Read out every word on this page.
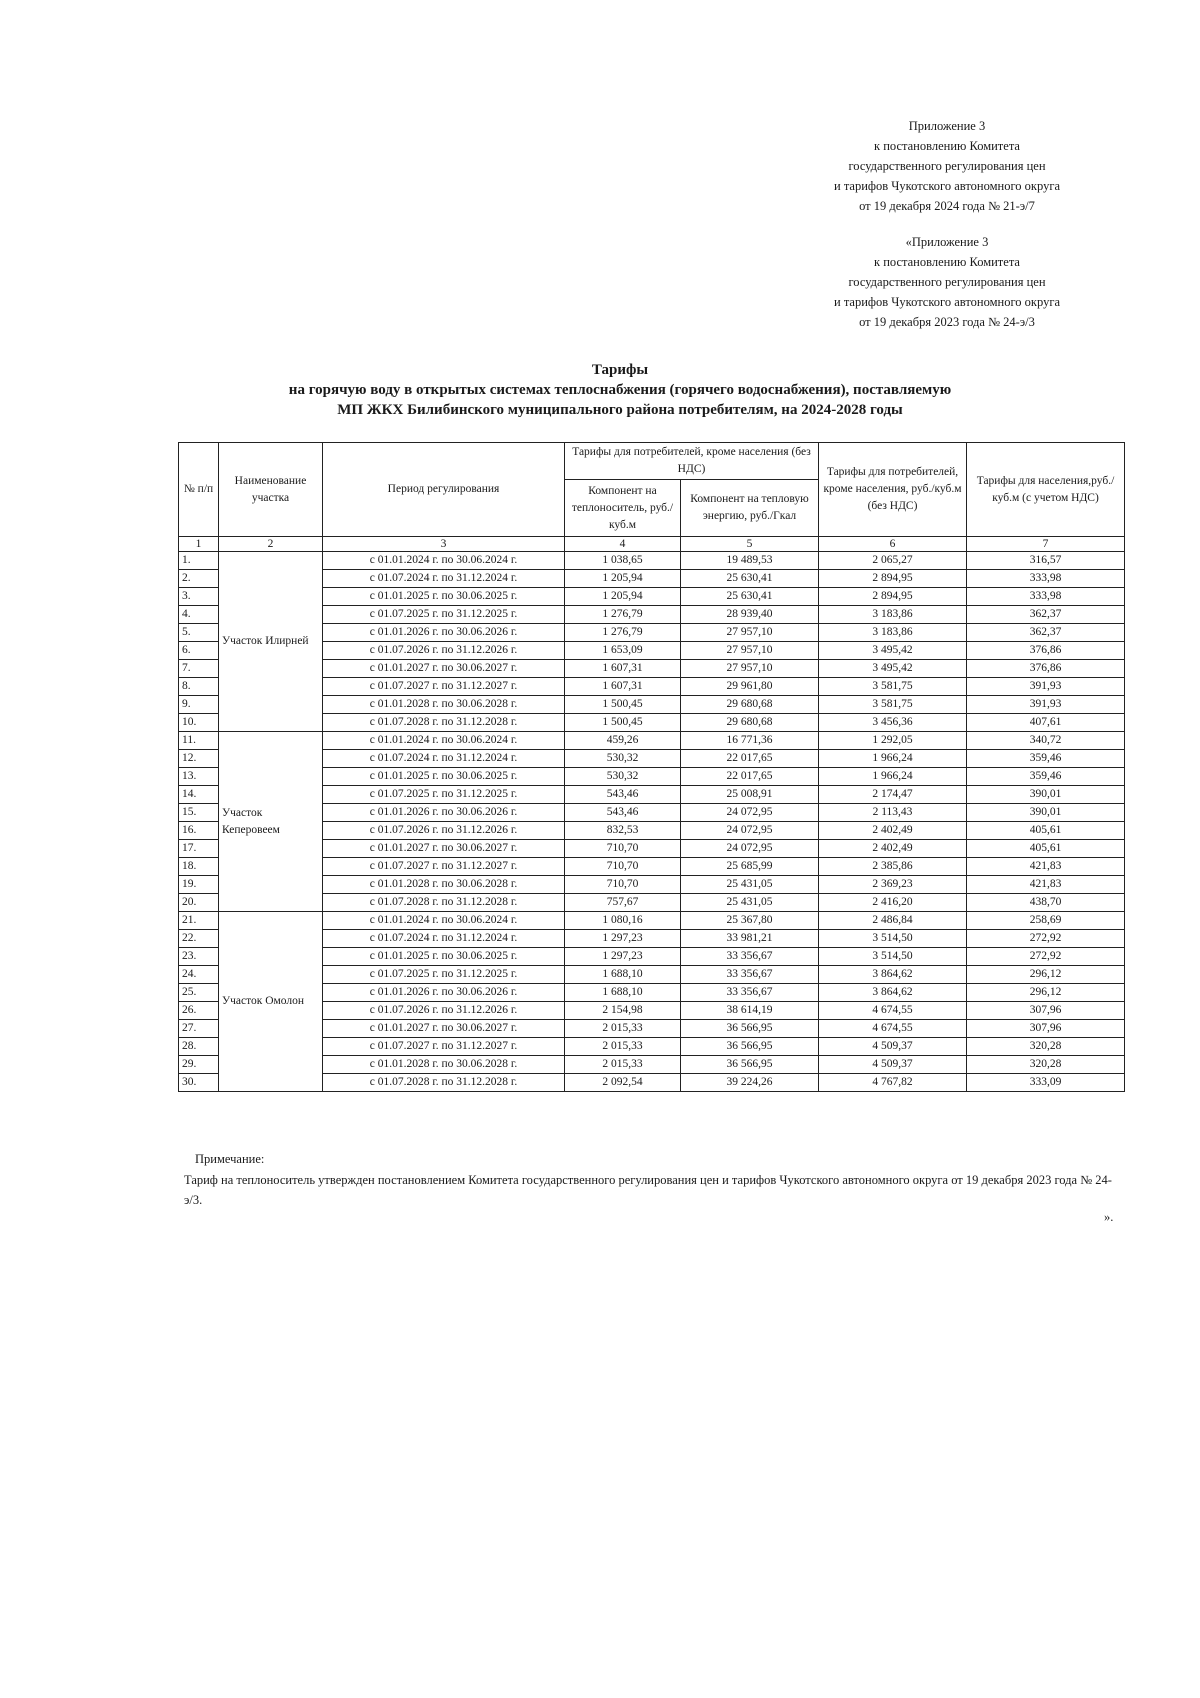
Приложение 3
к постановлению Комитета
государственного регулирования цен
и тарифов Чукотского автономного округа
от 19 декабря 2024 года № 21-э/7
«Приложение 3
к постановлению Комитета
государственного регулирования цен
и тарифов Чукотского автономного округа
от 19 декабря 2023 года № 24-э/3
Тарифы
на горячую воду в открытых системах теплоснабжения (горячего водоснабжения), поставляемую
МП ЖКХ Билибинского муниципального района потребителям, на 2024-2028 годы
№ п/п	Наименование участка	Период регулирования	Тарифы для потребителей, кроме населения (без НДС)		Тарифы для потребителей, кроме населения, руб./куб.м (без НДС)	Тарифы для населения,руб./куб.м (с учетом НДС)
			Компонент на теплоноситель, руб./куб.м	Компонент на тепловую энергию, руб./Гкал		
1	2	3	4	5	6	7
1.	Участок Илирней	с 01.01.2024 г. по 30.06.2024 г.	1 038,65	19 489,53	2 065,27	316,57
2.		с 01.07.2024 г. по 31.12.2024 г.	1 205,94	25 630,41	2 894,95	333,98
3.		с 01.01.2025 г. по 30.06.2025 г.	1 205,94	25 630,41	2 894,95	333,98
4.		с 01.07.2025 г. по 31.12.2025 г.	1 276,79	28 939,40	3 183,86	362,37
5.		с 01.01.2026 г. по 30.06.2026 г.	1 276,79	27 957,10	3 183,86	362,37
6.		с 01.07.2026 г. по 31.12.2026 г.	1 653,09	27 957,10	3 495,42	376,86
7.		с 01.01.2027 г. по 30.06.2027 г.	1 607,31	27 957,10	3 495,42	376,86
8.		с 01.07.2027 г. по 31.12.2027 г.	1 607,31	29 961,80	3 581,75	391,93
9.		с 01.01.2028 г. по 30.06.2028 г.	1 500,45	29 680,68	3 581,75	391,93
10.		с 01.07.2028 г. по 31.12.2028 г.	1 500,45	29 680,68	3 456,36	407,61
11.	Участок Кеперовеем	с 01.01.2024 г. по 30.06.2024 г.	459,26	16 771,36	1 292,05	340,72
12.		с 01.07.2024 г. по 31.12.2024 г.	530,32	22 017,65	1 966,24	359,46
13.		с 01.01.2025 г. по 30.06.2025 г.	530,32	22 017,65	1 966,24	359,46
14.		с 01.07.2025 г. по 31.12.2025 г.	543,46	25 008,91	2 174,47	390,01
15.		с 01.01.2026 г. по 30.06.2026 г.	543,46	24 072,95	2 113,43	390,01
16.		с 01.07.2026 г. по 31.12.2026 г.	832,53	24 072,95	2 402,49	405,61
17.		с 01.01.2027 г. по 30.06.2027 г.	710,70	24 072,95	2 402,49	405,61
18.		с 01.07.2027 г. по 31.12.2027 г.	710,70	25 685,99	2 385,86	421,83
19.		с 01.01.2028 г. по 30.06.2028 г.	710,70	25 431,05	2 369,23	421,83
20.		с 01.07.2028 г. по 31.12.2028 г.	757,67	25 431,05	2 416,20	438,70
21.	Участок Омолон	с 01.01.2024 г. по 30.06.2024 г.	1 080,16	25 367,80	2 486,84	258,69
22.		с 01.07.2024 г. по 31.12.2024 г.	1 297,23	33 981,21	3 514,50	272,92
23.		с 01.01.2025 г. по 30.06.2025 г.	1 297,23	33 356,67	3 514,50	272,92
24.		с 01.07.2025 г. по 31.12.2025 г.	1 688,10	33 356,67	3 864,62	296,12
25.		с 01.01.2026 г. по 30.06.2026 г.	1 688,10	33 356,67	3 864,62	296,12
26.		с 01.07.2026 г. по 31.12.2026 г.	2 154,98	38 614,19	4 674,55	307,96
27.		с 01.01.2027 г. по 30.06.2027 г.	2 015,33	36 566,95	4 674,55	307,96
28.		с 01.07.2027 г. по 31.12.2027 г.	2 015,33	36 566,95	4 509,37	320,28
29.		с 01.01.2028 г. по 30.06.2028 г.	2 015,33	36 566,95	4 509,37	320,28
30.		с 01.07.2028 г. по 31.12.2028 г.	2 092,54	39 224,26	4 767,82	333,09
Примечание:
Тариф на теплоноситель утвержден постановлением Комитета государственного регулирования цен и тарифов Чукотского автономного округа от 19 декабря 2023 года № 24-э/3.
».
